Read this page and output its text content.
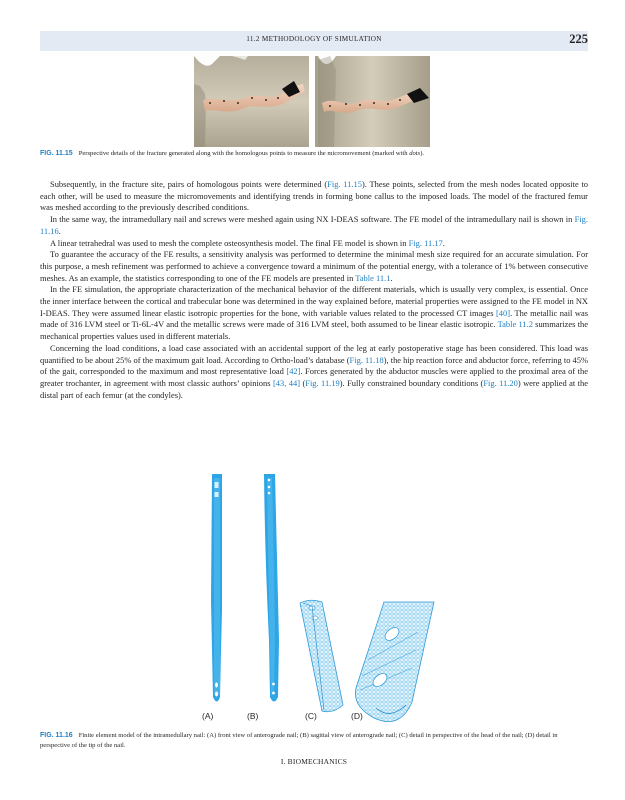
11.2 METHODOLOGY OF SIMULATION	225
FIG. 11.15 Perspective details of the fracture generated along with the homologous points to measure the micromovement (marked with dots).

Subsequently, in the fracture site, pairs of homologous points were determined (Fig. 11.15). These points, selected from the mesh nodes located opposite to each other, will be used to measure the micromovements and identifying trends in forming bone callus to the imposed loads. The model of the fractured femur was meshed according to the previously described conditions.

In the same way, the intramedullary nail and screws were meshed again using NX I-DEAS software. The FE model of the intramedullary nail is shown in Fig. 11.16.

A linear tetrahedral was used to mesh the complete osteosynthesis model. The final FE model is shown in Fig. 11.17.

To guarantee the accuracy of the FE results, a sensitivity analysis was performed to determine the minimal mesh size required for an accurate simulation. For this purpose, a mesh refinement was performed to achieve a convergence toward a minimum of the potential energy, with a tolerance of 1% between consecutive meshes. As an example, the statistics corresponding to one of the FE models are presented in Table 11.1.

In the FE simulation, the appropriate characterization of the mechanical behavior of the different materials, which is usually very complex, is essential. Once the inner interface between the cortical and trabecular bone was determined in the way explained before, material properties were assigned to the FE model in NX I-DEAS. They were assumed linear elastic isotropic properties for the bone, with variable values related to the processed CT images [40]. The metallic nail was made of 316 LVM steel or Ti-6L-4V and the metallic screws were made of 316 LVM steel, both assumed to be linear elastic isotropic. Table 11.2 summarizes the mechanical properties values used in different materials.

Concerning the load conditions, a load case associated with an accidental support of the leg at early postoperative stage has been considered. This load was quantified to be about 25% of the maximum gait load. According to Ortho-load’s database (Fig. 11.18), the hip reaction force and abductor force, referring to 45% of the gait, corresponded to the maximum and most representative load [42]. Forces generated by the abductor muscles were applied to the proximal area of the greater trochanter, in agreement with most classic authors’ opinions [43, 44] (Fig. 11.19). Fully constrained boundary conditions (Fig. 11.20) were applied at the distal part of each femur (at the condyles).

(A)	(B)	(C)	(D)
FIG. 11.16 Finite element model of the intramedullary nail: (A) front view of anterograde nail; (B) sagittal view of anterograde nail; (C) detail in perspective of the head of the nail; (D) detail in perspective of the tip of the nail.
I. BIOMECHANICS
